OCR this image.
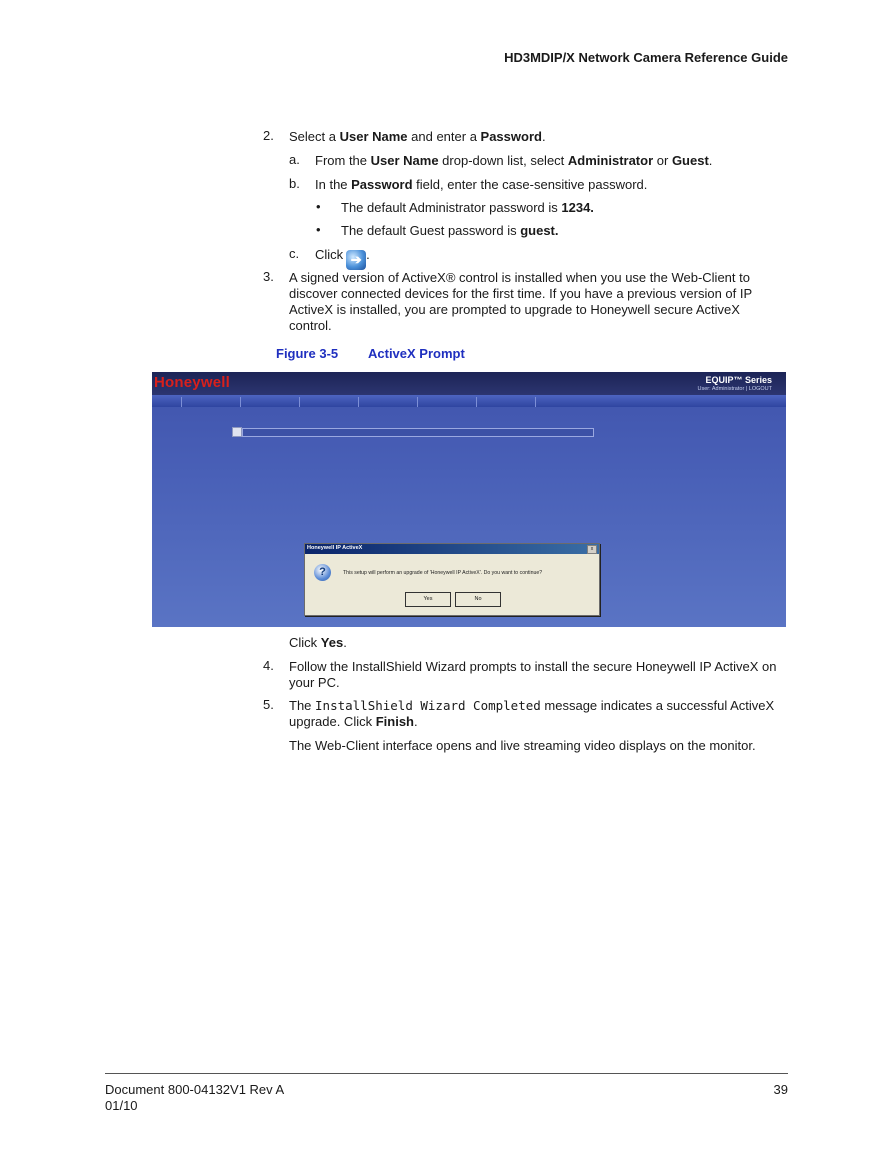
HD3MDIP/X Network Camera Reference Guide
2.	Select a User Name and enter a Password.
a.	From the User Name drop-down list, select Administrator or Guest.
b.	In the Password field, enter the case-sensitive password.
•	The default Administrator password is 1234.
•	The default Guest password is guest.
c.	Click ➔ .
3.	A signed version of ActiveX® control is installed when you use the Web-Client to
discover connected devices for the first time. If you have a previous version of IP
ActiveX is installed, you are prompted to upgrade to Honeywell secure ActiveX
control.
Figure 3-5 ActiveX Prompt
Honeywell	EQUIP™ Series
User: Administrator | LOGOUT
Honeywell IP ActiveX	x
?	This setup will perform an upgrade of 'Honeywell IP ActiveX'. Do you want to continue?
Yes	No
Click Yes.
4.	Follow the InstallShield Wizard prompts to install the secure Honeywell IP ActiveX on
your PC.
5.	The InstallShield Wizard Completed message indicates a successful ActiveX
upgrade. Click Finish.
The Web-Client interface opens and live streaming video displays on the monitor.
Document 800-04132V1 Rev A
01/10
39
